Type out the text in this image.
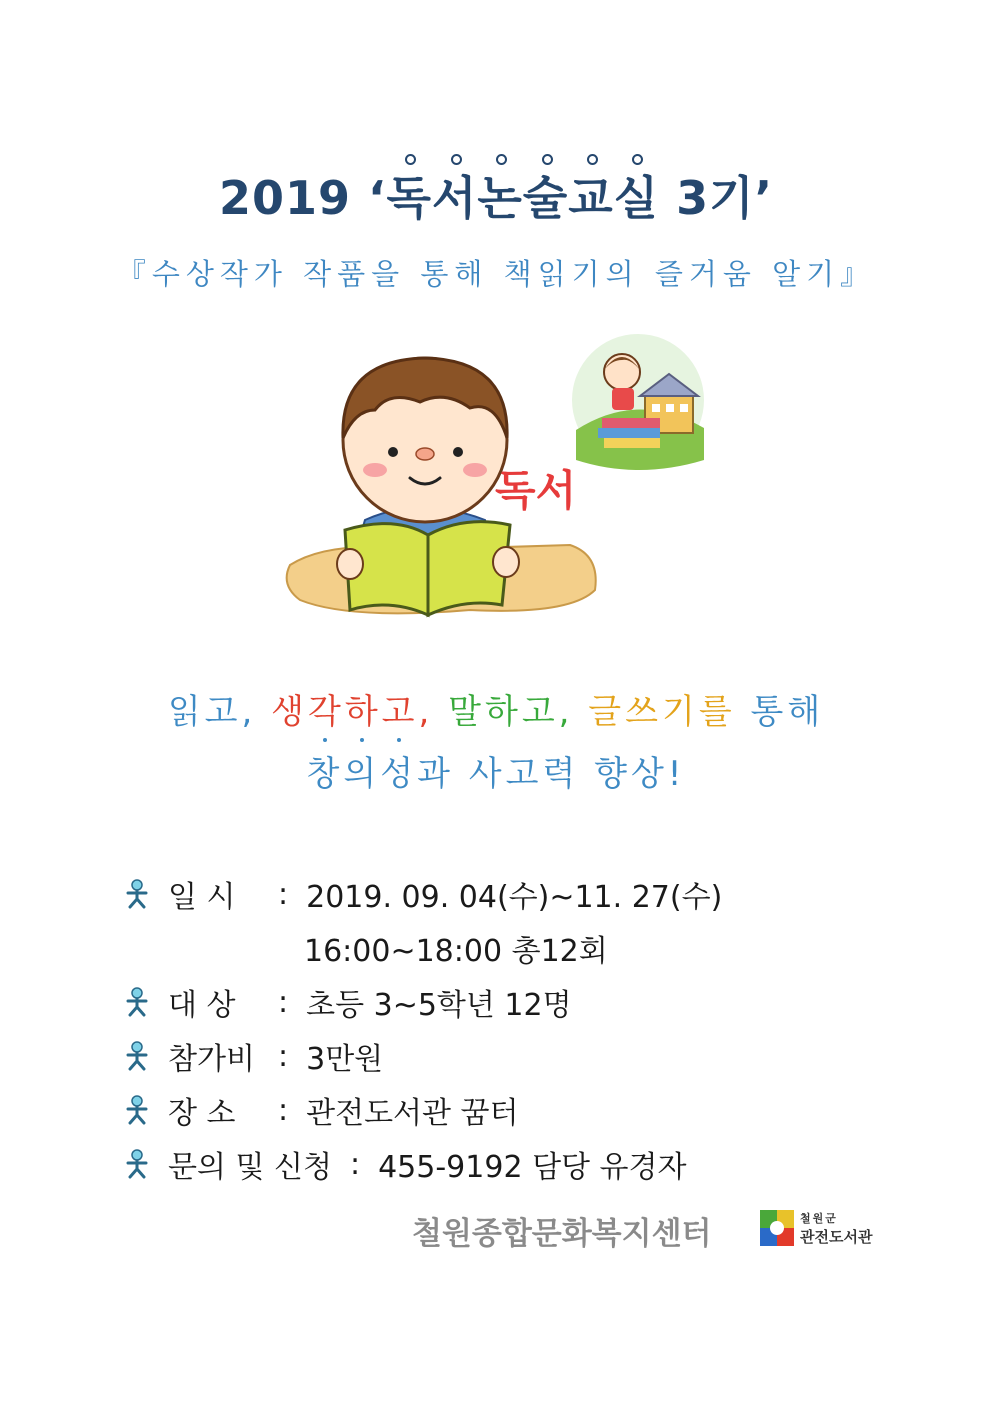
2019 ‘독서논술교실 3기’
『수상작가 작품을 통해 책읽기의 즐거움 알기』
독서
읽고, 생각하고, 말하고, 글쓰기를 통해
창의성과 사고력 향상!
일 시	: 2019. 09. 04(수)~11. 27(수)
16:00~18:00 총12회
대 상	: 초등 3~5학년 12명
참가비 : 3만원
장 소	: 관전도서관 꿈터
문의 및 신청 : 455-9192 담당 유경자
철원종합문화복지센터	철원군
관전도서관
